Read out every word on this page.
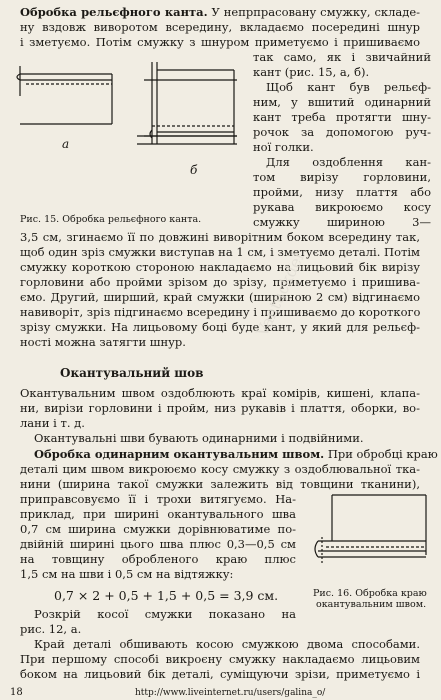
Обробка рельєфного канта. У непрпрасовану смужку, складе-

ну вздовж виворотом всередину, вкладаємо посередині шнур

і зметуємо. Потім смужку з шнуром приметуємо і пришиваємо

так само, як і звичайний

кант (рис. 15, а, б).

Щоб кант був рельєф-

ним, у вшитий одинарний

кант треба протягти шну-

рочок за допомогою руч-

ної голки.

Для оздоблення кан-

том вирізу горловини,

пройми, низу плаття або

рукава викроюємо косу

смужку шириною 3—

а
б
Рис. 15. Обробка рельєфного канта.

3,5 см, згинаємо її по довжині виворітним боком всередину так,

щоб один зріз смужки виступав на 1 см, і зметуємо деталі. Потім

смужку короткою стороною накладаємо на лицьовий бік вирізу

горловини або пройми зрізом до зрізу, приметуємо і пришива-

ємо. Другий, ширший, край смужки (шириною 2 см) відгинаємо

навиворіт, зріз підгинаємо всередину і пришиваємо до короткого

зрізу смужки. На лицьовому боці буде кант, у який для рельєф-

ності можна затягти шнур.

Vantuckdel
Окантувальний шов

Окантувальним швом оздоблюють краї комірів, кишені, клапа-

ни, вирізи горловини і пройм, низ рукавів і плаття, оборки, во-

лани і т. д.

Окантувальні шви бувають одинарними і подвійними.

Обробка одинарним окантувальним швом. При обробці краю

деталі цим швом викроюємо косу смужку з оздоблювальної тка-

нини (ширина такої смужки залежить від товщини тканини),

приправсовуємо її і трохи витягуємо. На-

приклад, при ширині окантувального шва

0,7 см ширина смужки дорівнюватиме по-

двійній ширині цього шва плюс 0,3—0,5 см

на товщину обробленого краю плюс

1,5 см на шви і 0,5 см на відтяжку:

0,7 × 2 + 0,5 + 1,5 + 0,5 = 3,9 см.

Розкрій косої смужки показано на

рис. 12, а.

Рис. 16. Обробка краю
окантувальним швом.

Край деталі обшивають косою смужкою двома способами.

При першому способі викроєну смужку накладаємо лицьовим

боком на лицьовий бік деталі, суміщуючи зрізи, приметуємо і

18	http://www.liveinternet.ru/users/galina_o/
